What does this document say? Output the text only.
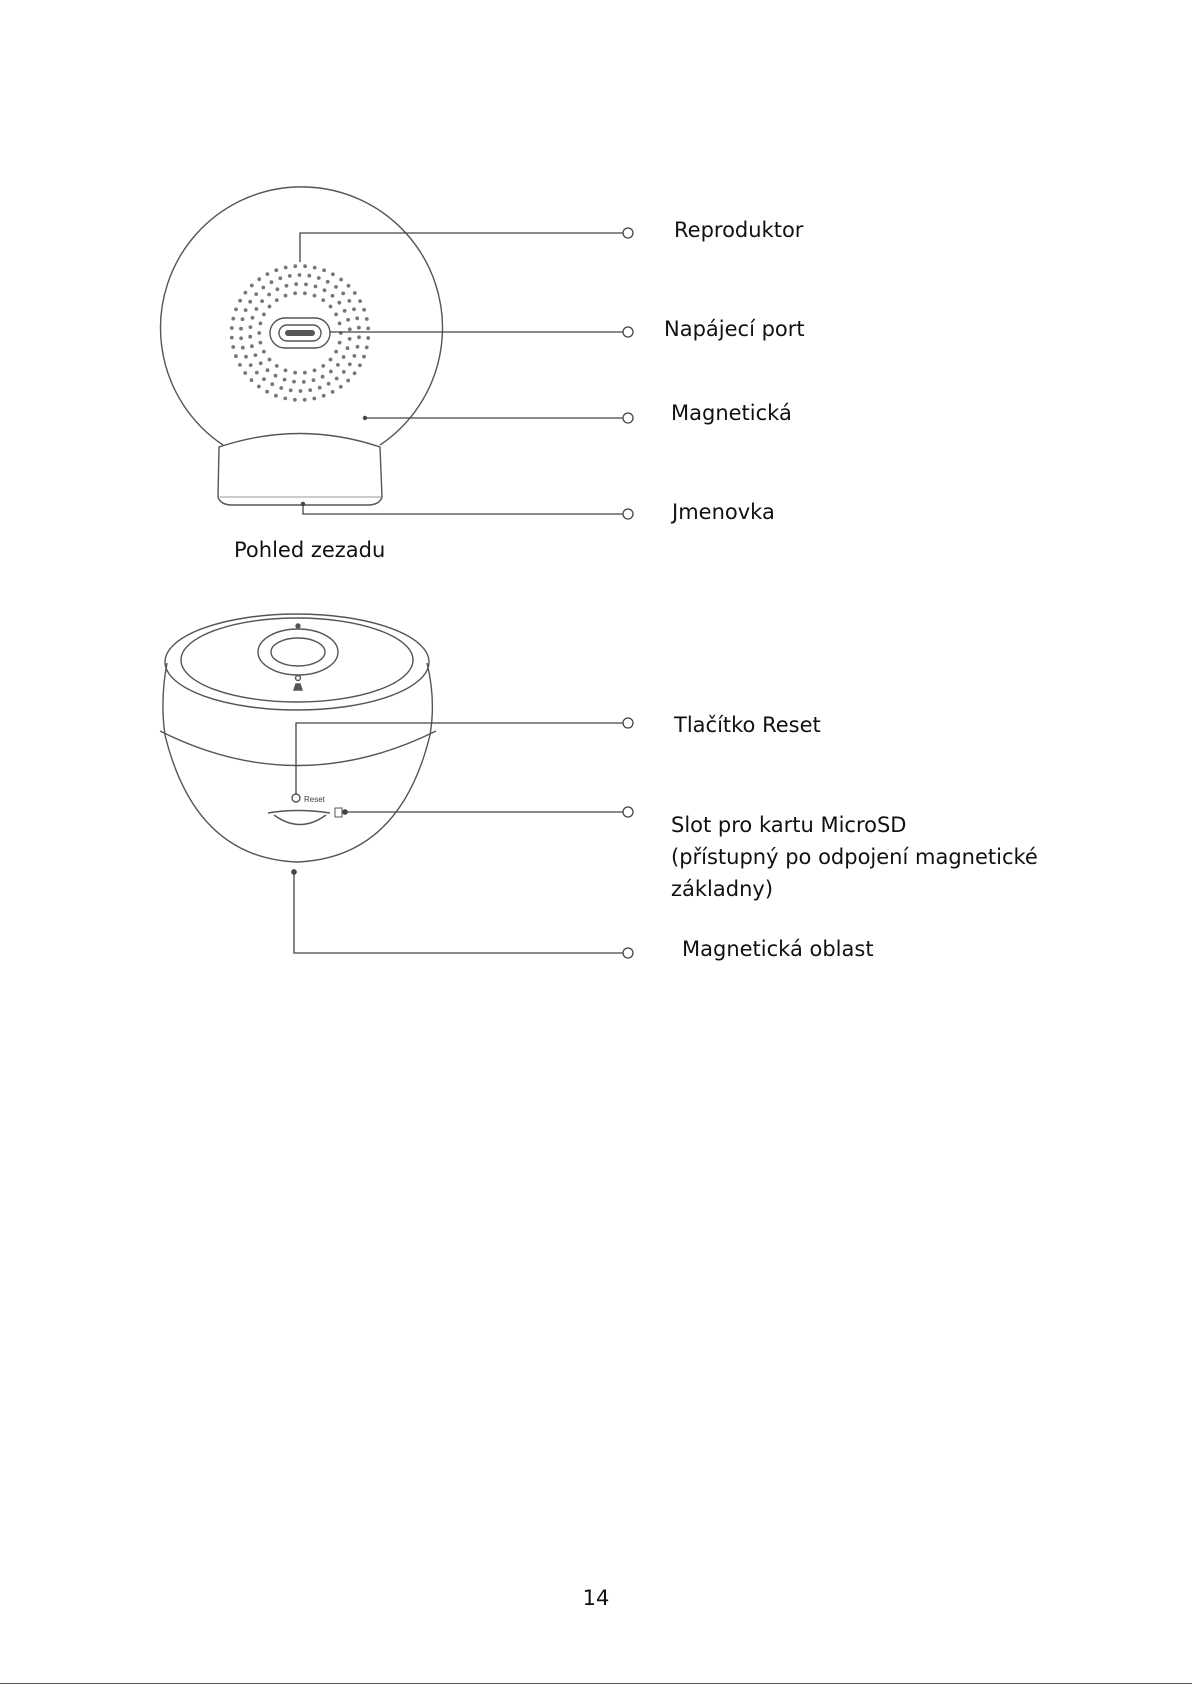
Reset
Reproduktor
Napájecí port
Magnetická
Jmenovka
Pohled zezadu
Tlačítko Reset
Slot pro kartu MicroSD
(přístupný po odpojení magnetické
základny)
Magnetická oblast
14
